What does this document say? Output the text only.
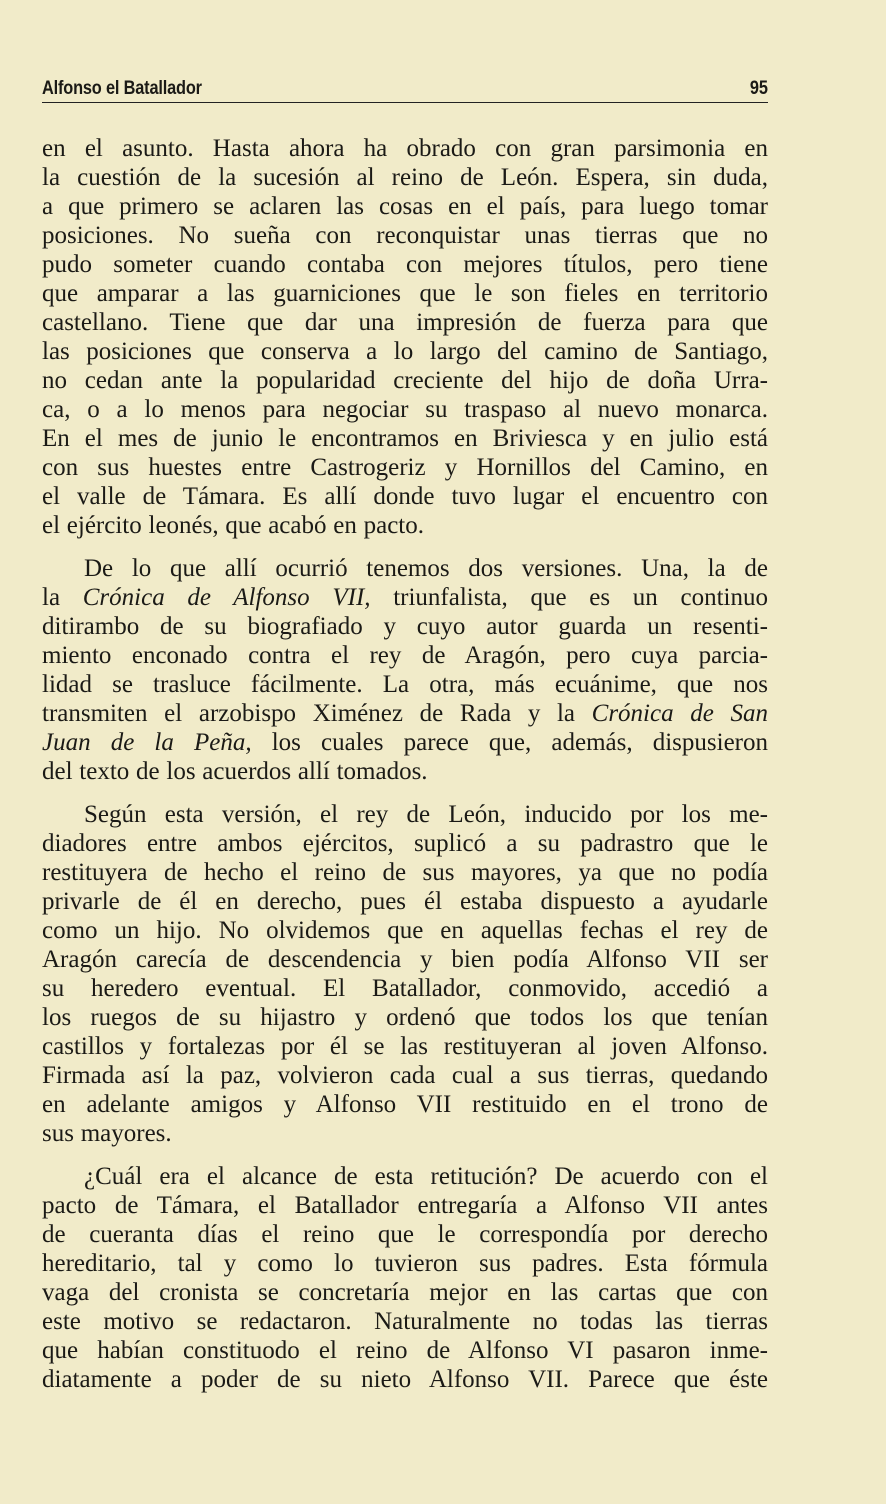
Alfonso el Batallador	95
en el asunto. Hasta ahora ha obrado con gran parsimonia en
la cuestión de la sucesión al reino de León. Espera, sin duda,
a que primero se aclaren las cosas en el país, para luego tomar
posiciones. No sueña con reconquistar unas tierras que no
pudo someter cuando contaba con mejores títulos, pero tiene
que amparar a las guarniciones que le son fieles en territorio
castellano. Tiene que dar una impresión de fuerza para que
las posiciones que conserva a lo largo del camino de Santiago,
no cedan ante la popularidad creciente del hijo de doña Urra-
ca, o a lo menos para negociar su traspaso al nuevo monarca.
En el mes de junio le encontramos en Briviesca y en julio está
con sus huestes entre Castrogeriz y Hornillos del Camino, en
el valle de Támara. Es allí donde tuvo lugar el encuentro con
el ejército leonés, que acabó en pacto.
De lo que allí ocurrió tenemos dos versiones. Una, la de
la Crónica de Alfonso VII, triunfalista, que es un continuo
ditirambo de su biografiado y cuyo autor guarda un resenti-
miento enconado contra el rey de Aragón, pero cuya parcia-
lidad se trasluce fácilmente. La otra, más ecuánime, que nos
transmiten el arzobispo Ximénez de Rada y la Crónica de San
Juan de la Peña, los cuales parece que, además, dispusieron
del texto de los acuerdos allí tomados.
Según esta versión, el rey de León, inducido por los me-
diadores entre ambos ejércitos, suplicó a su padrastro que le
restituyera de hecho el reino de sus mayores, ya que no podía
privarle de él en derecho, pues él estaba dispuesto a ayudarle
como un hijo. No olvidemos que en aquellas fechas el rey de
Aragón carecía de descendencia y bien podía Alfonso VII ser
su heredero eventual. El Batallador, conmovido, accedió a
los ruegos de su hijastro y ordenó que todos los que tenían
castillos y fortalezas por él se las restituyeran al joven Alfonso.
Firmada así la paz, volvieron cada cual a sus tierras, quedando
en adelante amigos y Alfonso VII restituido en el trono de
sus mayores.
¿Cuál era el alcance de esta retitución? De acuerdo con el
pacto de Támara, el Batallador entregaría a Alfonso VII antes
de cueranta días el reino que le correspondía por derecho
hereditario, tal y como lo tuvieron sus padres. Esta fórmula
vaga del cronista se concretaría mejor en las cartas que con
este motivo se redactaron. Naturalmente no todas las tierras
que habían constituodo el reino de Alfonso VI pasaron inme-
diatamente a poder de su nieto Alfonso VII. Parece que éste
